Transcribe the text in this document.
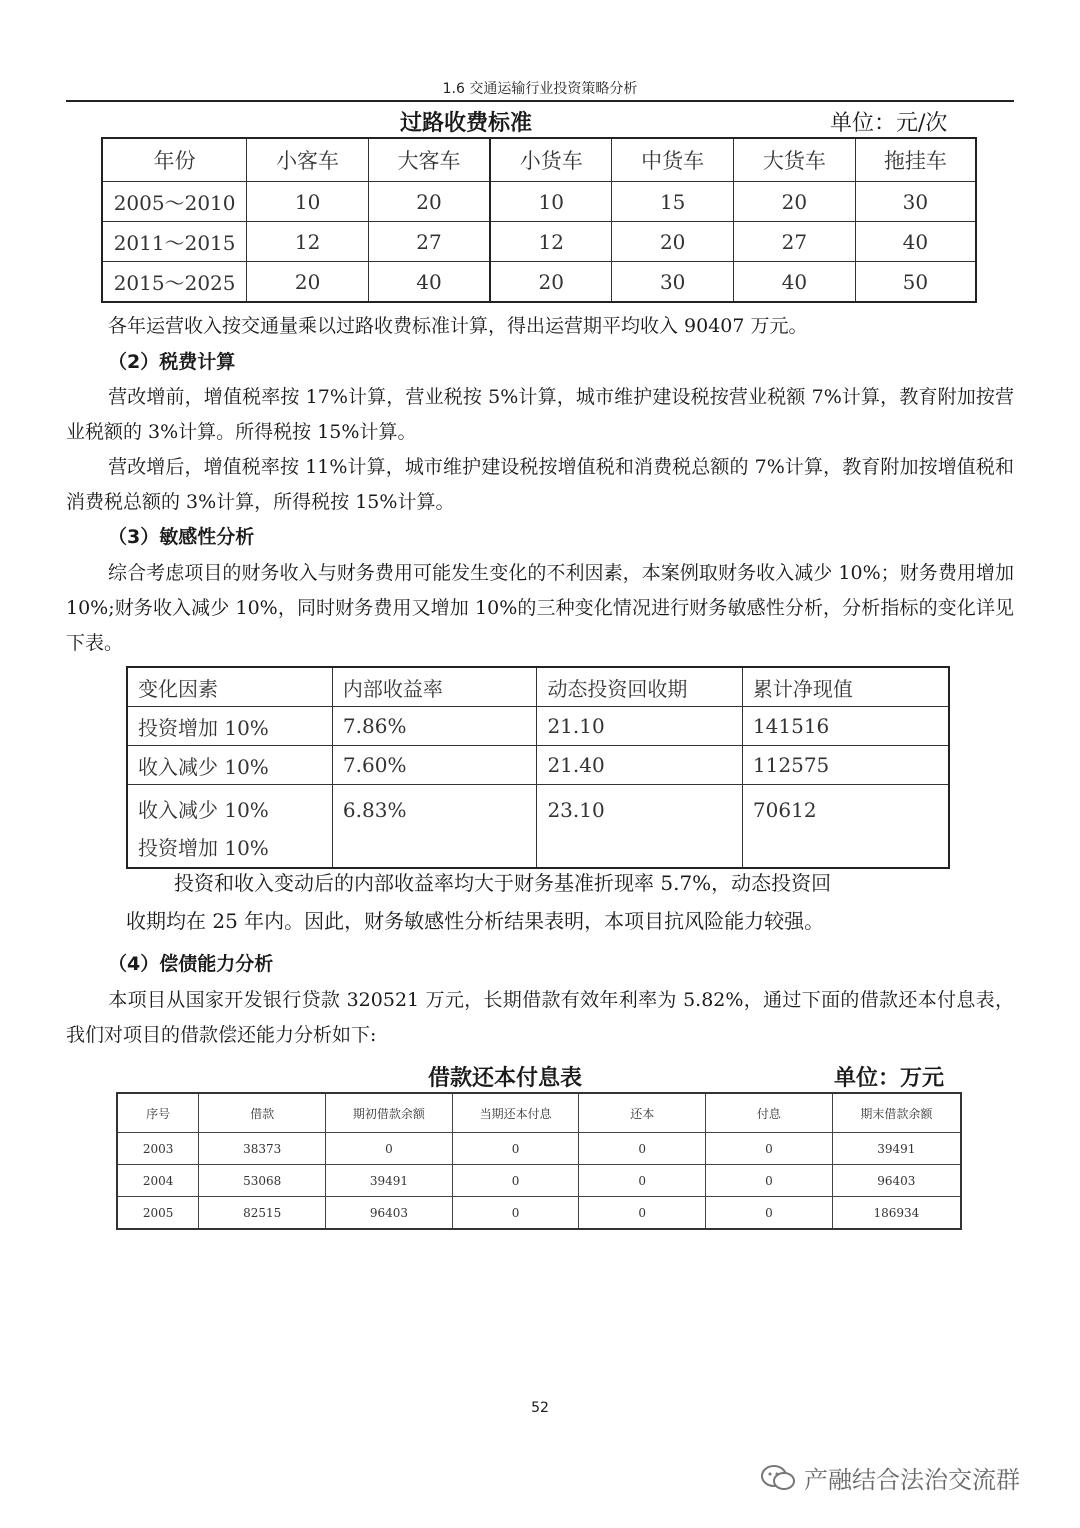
1.6 交通运输行业投资策略分析
过路收费标准	单位：元/次
年份	小客车	大客车	小货车	中货车	大货车	拖挂车
2005～2010	10	20	10	15	20	30
2011～2015	12	27	12	20	27	40
2015～2025	20	40	20	30	40	50
各年运营收入按交通量乘以过路收费标准计算，得出运营期平均收入 90407 万元。
（2）税费计算
营改增前，增值税率按 17%计算，营业税按 5%计算，城市维护建设税按营业税额 7%计算，教育附加按营业税额的 3%计算。所得税按 15%计算。
营改增后，增值税率按 11%计算，城市维护建设税按增值税和消费税总额的 7%计算，教育附加按增值税和消费税总额的 3%计算，所得税按 15%计算。
（3）敏感性分析
综合考虑项目的财务收入与财务费用可能发生变化的不利因素，本案例取财务收入减少 10%；财务费用增加 10%;财务收入减少 10%，同时财务费用又增加 10%的三种变化情况进行财务敏感性分析，分析指标的变化详见下表。
变化因素	内部收益率	动态投资回收期	累计净现值
投资增加 10%	7.86%	21.10	141516
收入减少 10%	7.60%	21.40	112575

收入减少 10%
投资增加 10%	6.83%	23.10	70612
投资和收入变动后的内部收益率均大于财务基准折现率 5.7%，动态投资回
收期均在 25 年内。因此，财务敏感性分析结果表明，本项目抗风险能力较强。
（4）偿债能力分析
本项目从国家开发银行贷款 320521 万元，长期借款有效年利率为 5.82%，通过下面的借款还本付息表，我们对项目的借款偿还能力分析如下:
借款还本付息表	单位：万元
序号	借款	期初借款余额	当期还本付息	还本	付息	期末借款余额
2003	38373	0	0	0	0	39491
2004	53068	39491	0	0	0	96403
2005	82515	96403	0	0	0	186934
52
产融结合法治交流群
